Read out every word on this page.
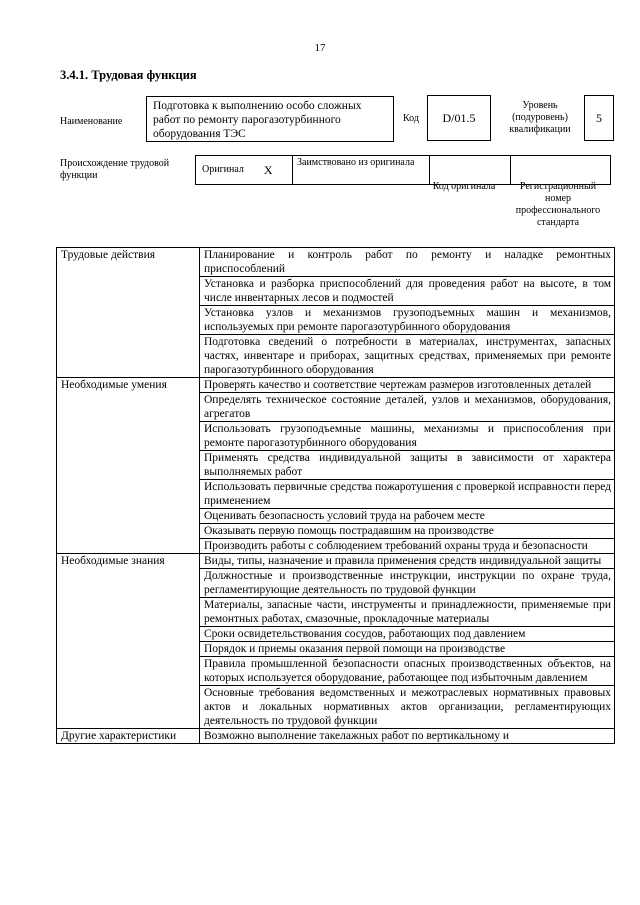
17
3.4.1. Трудовая функция
Наименование
Подготовка к выполнению особо сложных работ по ремонту парогазотурбинного оборудования ТЭС
Код	D/01.5
Уровень (подуровень) квалификации
5
Происхождение трудовой функции
Оригинал X
Заимствовано из оригинала
Код оригинала	Регистрационный номер профессионального стандарта
Трудовые действия	Планирование и контроль работ по ремонту и наладке ремонтных приспособлений
	Установка и разборка приспособлений для проведения работ на высоте, в том числе инвентарных лесов и подмостей
	Установка узлов и механизмов грузоподъемных машин и механизмов, используемых при ремонте парогазотурбинного оборудования
	Подготовка сведений о потребности в материалах, инструментах, запасных частях, инвентаре и приборах, защитных средствах, применяемых при ремонте парогазотурбинного оборудования
Необходимые умения	Проверять качество и соответствие чертежам размеров изготовленных деталей
	Определять техническое состояние деталей, узлов и механизмов, оборудования, агрегатов
	Использовать грузоподъемные машины, механизмы и приспособления при ремонте парогазотурбинного оборудования
	Применять средства индивидуальной защиты в зависимости от характера выполняемых работ
	Использовать первичные средства пожаротушения с проверкой исправности перед применением
	Оценивать безопасность условий труда на рабочем месте
	Оказывать первую помощь пострадавшим на производстве
	Производить работы с соблюдением требований охраны труда и безопасности
Необходимые знания	Виды, типы, назначение и правила применения средств индивидуальной защиты
	Должностные и производственные инструкции, инструкции по охране труда, регламентирующие деятельность по трудовой функции
	Материалы, запасные части, инструменты и принадлежности, применяемые при ремонтных работах, смазочные, прокладочные материалы
	Сроки освидетельствования сосудов, работающих под давлением
	Порядок и приемы оказания первой помощи на производстве
	Правила промышленной безопасности опасных производственных объектов, на которых используется оборудование, работающее под избыточным давлением
	Основные требования ведомственных и межотраслевых нормативных правовых актов и локальных нормативных актов организации, регламентирующих деятельность по трудовой функции
Другие характеристики	Возможно выполнение такелажных работ по вертикальному и
